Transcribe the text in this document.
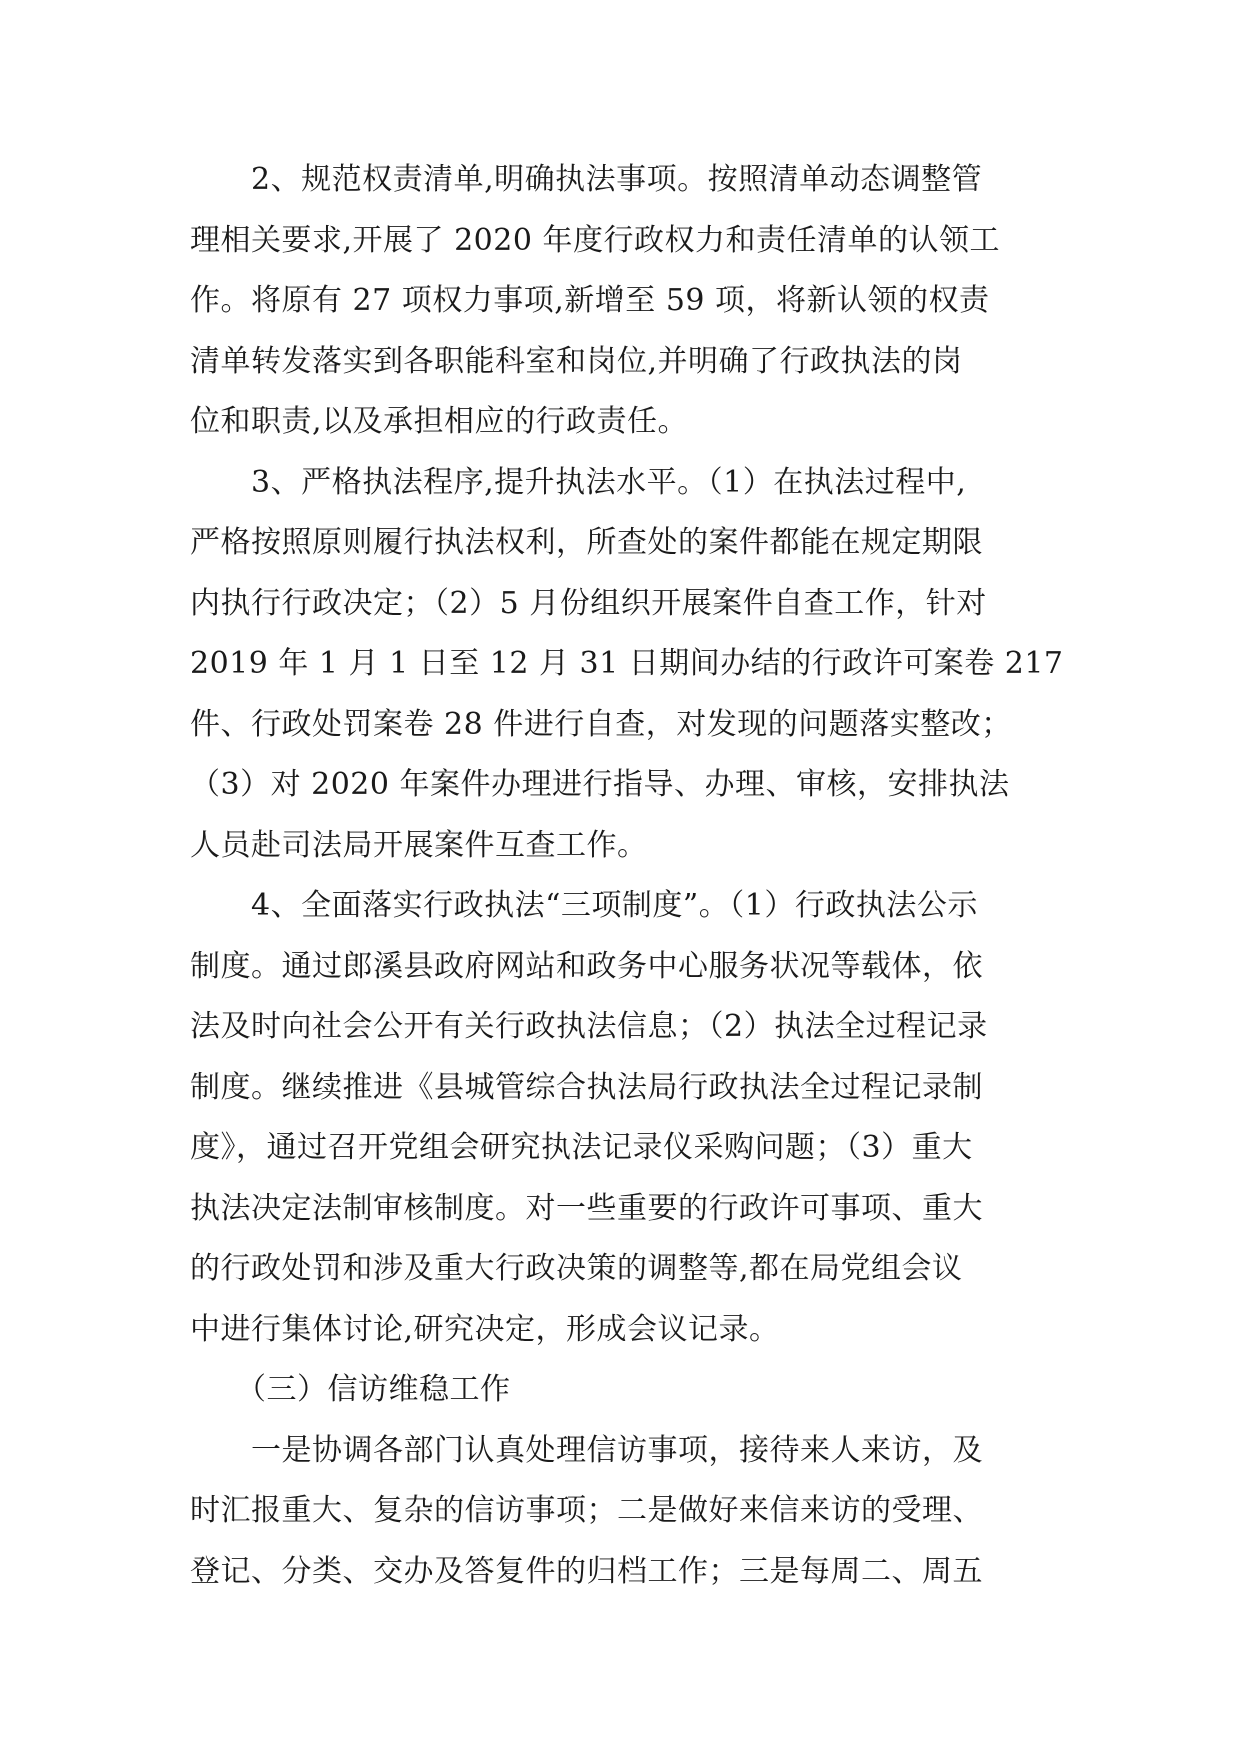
　　2、规范权责清单,明确执法事项。按照清单动态调整管
理相关要求,开展了 2020 年度行政权力和责任清单的认领工
作。将原有 27 项权力事项,新增至 59 项，将新认领的权责
清单转发落实到各职能科室和岗位,并明确了行政执法的岗
位和职责,以及承担相应的行政责任。
　　3、严格执法程序,提升执法水平。（1）在执法过程中,
严格按照原则履行执法权利，所查处的案件都能在规定期限
内执行行政决定；（2）5 月份组织开展案件自查工作，针对
2019 年 1 月 1 日至 12 月 31 日期间办结的行政许可案卷 217
件、行政处罚案卷 28 件进行自查，对发现的问题落实整改；
（3）对 2020 年案件办理进行指导、办理、审核，安排执法
人员赴司法局开展案件互查工作。
　　4、全面落实行政执法“三项制度”。（1）行政执法公示
制度。通过郎溪县政府网站和政务中心服务状况等载体，依
法及时向社会公开有关行政执法信息；（2）执法全过程记录
制度。继续推进《县城管综合执法局行政执法全过程记录制
度》，通过召开党组会研究执法记录仪采购问题；（3）重大
执法决定法制审核制度。对一些重要的行政许可事项、重大
的行政处罚和涉及重大行政决策的调整等,都在局党组会议
中进行集体讨论,研究决定，形成会议记录。
　　（三）信访维稳工作
　　一是协调各部门认真处理信访事项，接待来人来访，及
时汇报重大、复杂的信访事项；二是做好来信来访的受理、
登记、分类、交办及答复件的归档工作；三是每周二、周五
